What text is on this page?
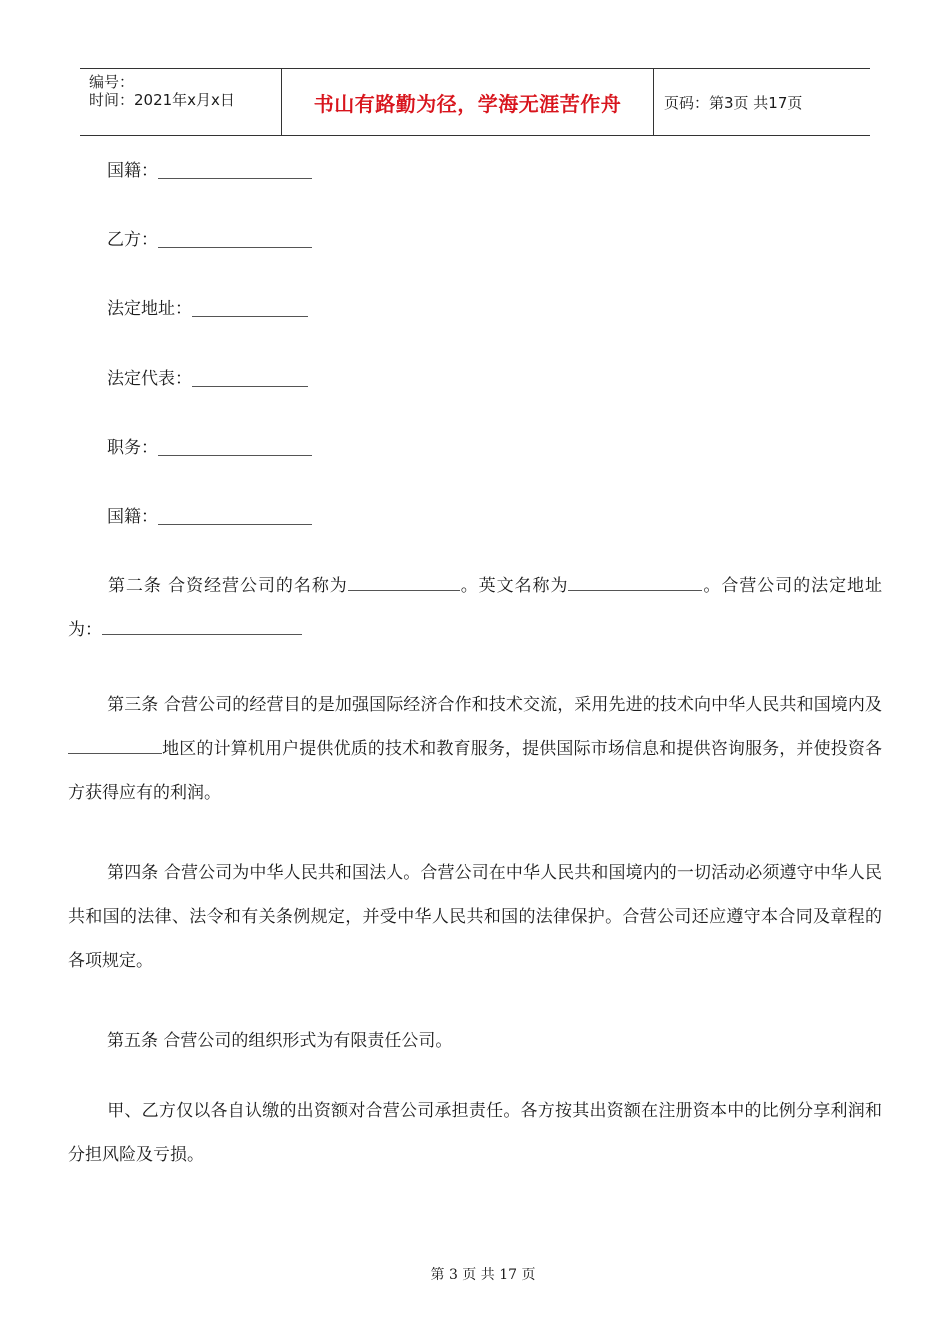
编号：
时间：2021年x月x日	书山有路勤为径，学海无涯苦作舟	页码：第3页 共17页
国籍：
乙方：
法定地址：
法定代表：
职务：
国籍：
第二条 合资经营公司的名称为	。英文名称为	。合营公司的法定地址为：
第三条 合营公司的经营目的是加强国际经济合作和技术交流，采用先进的技术向中华人民共和国境内及地区的计算机用户提供优质的技术和教育服务，提供国际市场信息和提供咨询服务，并使投资各方获得应有的利润。
第四条 合营公司为中华人民共和国法人。合营公司在中华人民共和国境内的一切活动必须遵守中华人民共和国的法律、法令和有关条例规定，并受中华人民共和国的法律保护。合营公司还应遵守本合同及章程的各项规定。
第五条 合营公司的组织形式为有限责任公司。
甲、乙方仅以各自认缴的出资额对合营公司承担责任。各方按其出资额在注册资本中的比例分享利润和分担风险及亏损。
第 3 页 共 17 页
